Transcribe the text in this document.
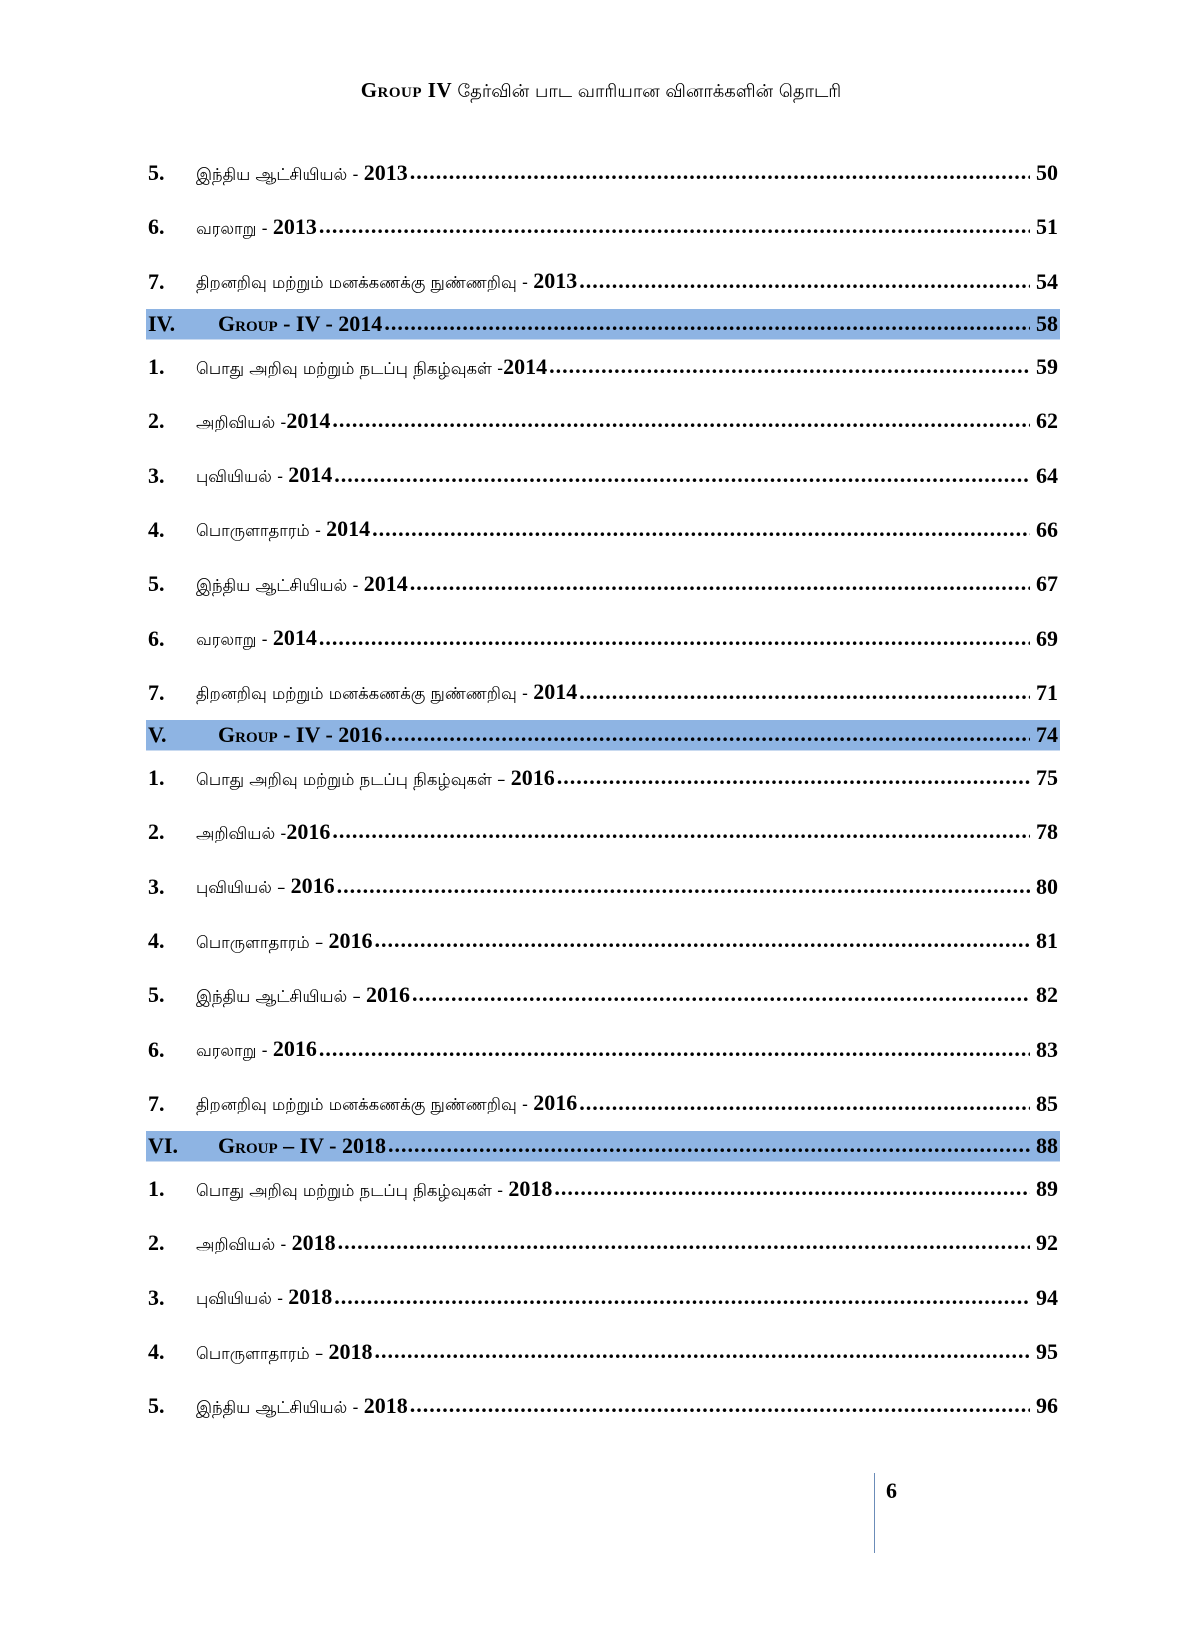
Group IV தேர்வின் பாட வாரியான வினாக்களின் தொடரி
5.	இந்திய ஆட்சியியல் - 2013 .....	50
6.	வரலாறு - 2013 .....	51
7.	திறனறிவு மற்றும் மனக்கணக்கு நுண்ணறிவு - 2013 .....	54
IV.	Group - IV - 2014 .....	58
1.	பொது அறிவு மற்றும் நடப்பு நிகழ்வுகள் -2014 .....	59
2.	அறிவியல் -2014 .....	62
3.	புவியியல் - 2014 .....	64
4.	பொருளாதாரம் - 2014 .....	66
5.	இந்திய ஆட்சியியல் - 2014 .....	67
6.	வரலாறு - 2014 .....	69
7.	திறனறிவு மற்றும் மனக்கணக்கு நுண்ணறிவு - 2014 .....	71
V.	Group - IV - 2016 .....	74
1.	பொது அறிவு மற்றும் நடப்பு நிகழ்வுகள் – 2016 .....	75
2.	அறிவியல் -2016 .....	78
3.	புவியியல் – 2016 .....	80
4.	பொருளாதாரம் – 2016 .....	81
5.	இந்திய ஆட்சியியல் – 2016 .....	82
6.	வரலாறு - 2016 .....	83
7.	திறனறிவு மற்றும் மனக்கணக்கு நுண்ணறிவு - 2016 .....	85
VI.	Group – IV - 2018 .....	88
1.	பொது அறிவு மற்றும் நடப்பு நிகழ்வுகள் - 2018 .....	89
2.	அறிவியல் - 2018 .....	92
3.	புவியியல் - 2018 .....	94
4.	பொருளாதாரம் – 2018 .....	95
5.	இந்திய ஆட்சியியல் - 2018 .....	96
6
